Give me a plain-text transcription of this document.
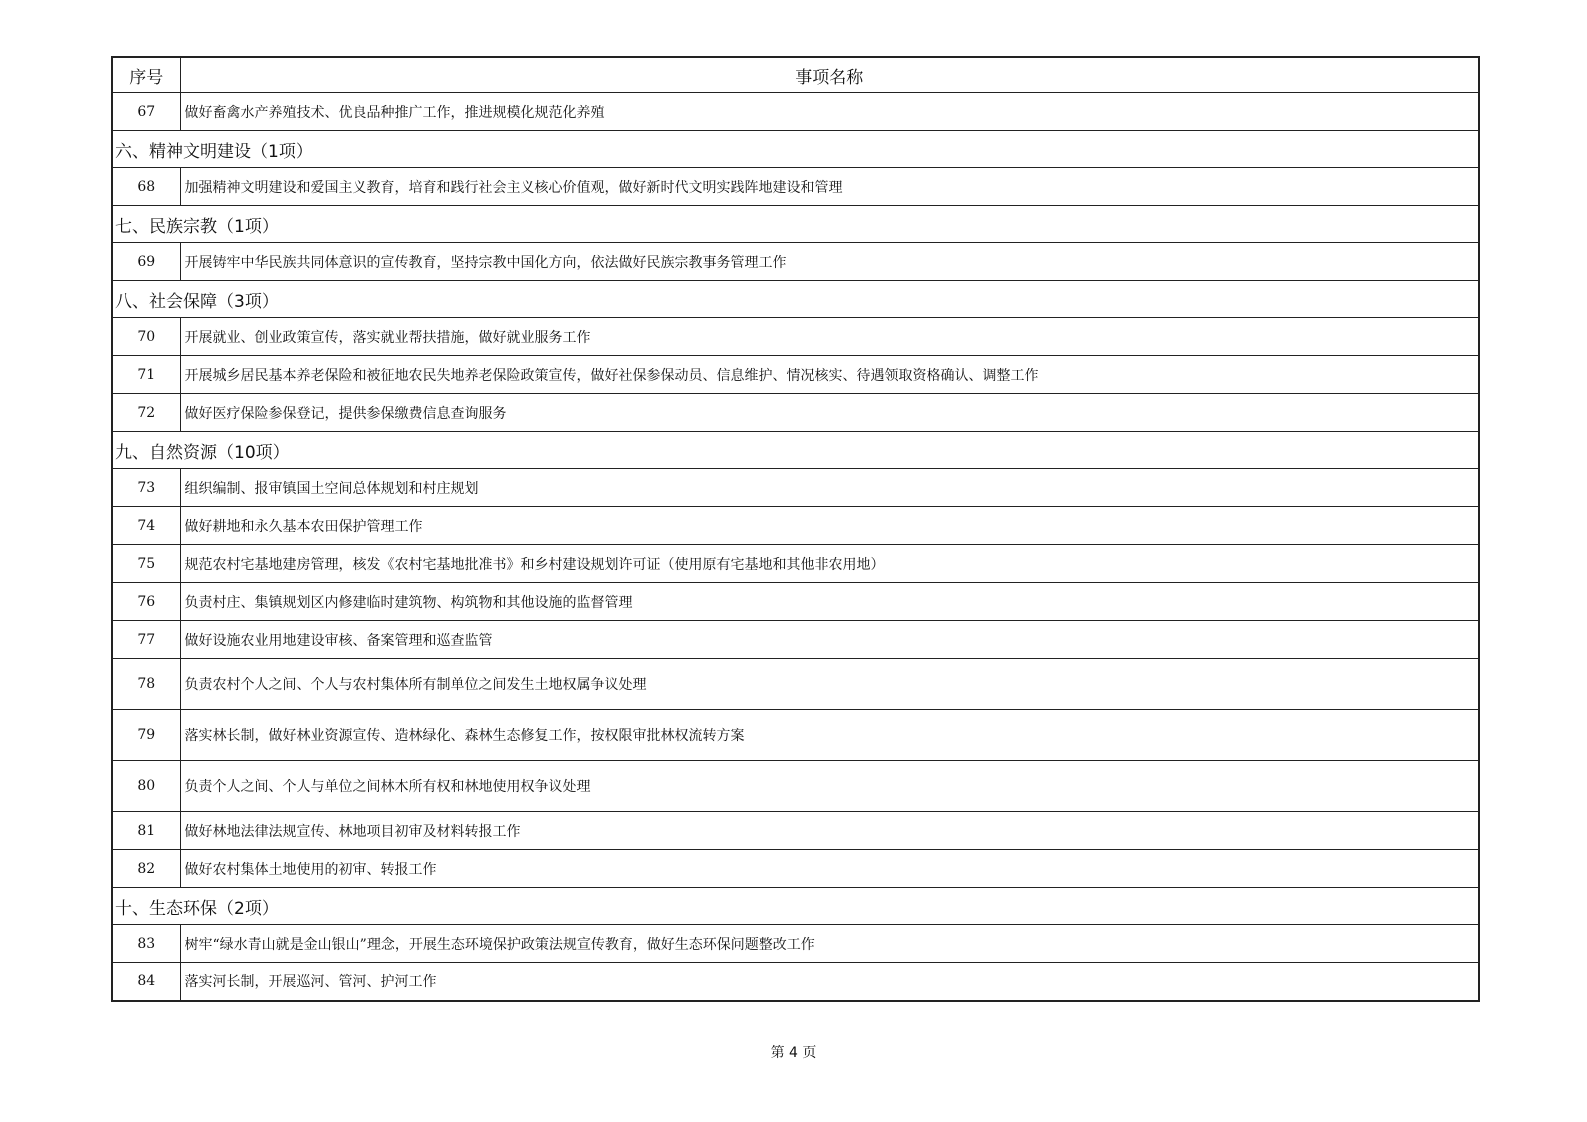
序号	事项名称
67	做好畜禽水产养殖技术、优良品种推广工作，推进规模化规范化养殖
六、精神文明建设（1项）	
68	加强精神文明建设和爱国主义教育，培育和践行社会主义核心价值观，做好新时代文明实践阵地建设和管理
七、民族宗教（1项）	
69	开展铸牢中华民族共同体意识的宣传教育，坚持宗教中国化方向，依法做好民族宗教事务管理工作
八、社会保障（3项）	
70	开展就业、创业政策宣传，落实就业帮扶措施，做好就业服务工作
71	开展城乡居民基本养老保险和被征地农民失地养老保险政策宣传，做好社保参保动员、信息维护、情况核实、待遇领取资格确认、调整工作
72	做好医疗保险参保登记，提供参保缴费信息查询服务
九、自然资源（10项）	
73	组织编制、报审镇国土空间总体规划和村庄规划
74	做好耕地和永久基本农田保护管理工作
75	规范农村宅基地建房管理，核发《农村宅基地批准书》和乡村建设规划许可证（使用原有宅基地和其他非农用地）
76	负责村庄、集镇规划区内修建临时建筑物、构筑物和其他设施的监督管理
77	做好设施农业用地建设审核、备案管理和巡查监管
78	负责农村个人之间、个人与农村集体所有制单位之间发生土地权属争议处理
79	落实林长制，做好林业资源宣传、造林绿化、森林生态修复工作，按权限审批林权流转方案
80	负责个人之间、个人与单位之间林木所有权和林地使用权争议处理
81	做好林地法律法规宣传、林地项目初审及材料转报工作
82	做好农村集体土地使用的初审、转报工作
十、生态环保（2项）	
83	树牢“绿水青山就是金山银山”理念，开展生态环境保护政策法规宣传教育，做好生态环保问题整改工作
84	落实河长制，开展巡河、管河、护河工作
第 4 页
